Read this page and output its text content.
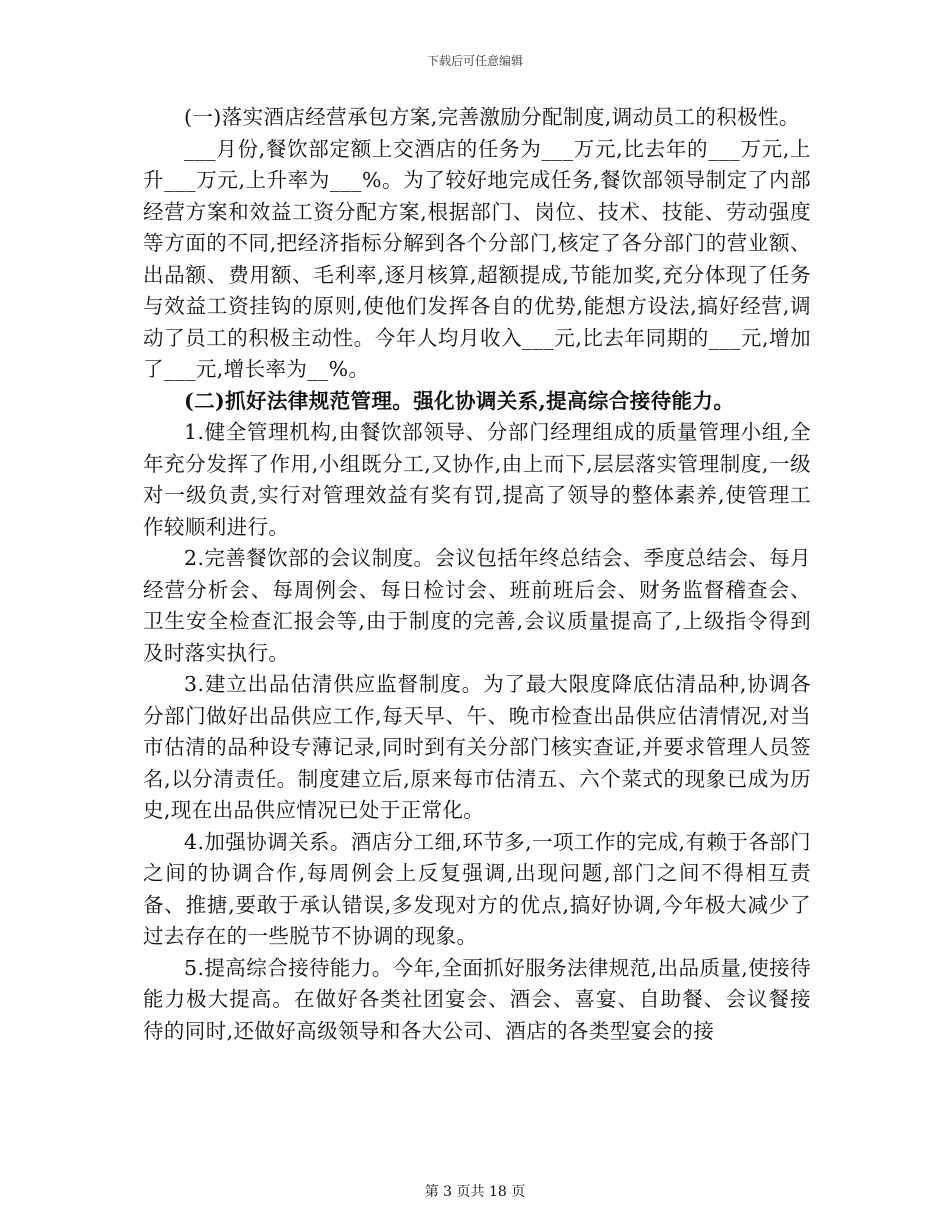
下载后可任意编辑

(一)落实酒店经营承包方案,完善激励分配制度,调动员工的积极性。

___月份,餐饮部定额上交酒店的任务为___万元,比去年的___万元,上升___万元,上升率为___%。为了较好地完成任务,餐饮部领导制定了内部经营方案和效益工资分配方案,根据部门、岗位、技术、技能、劳动强度等方面的不同,把经济指标分解到各个分部门,核定了各分部门的营业额、出品额、费用额、毛利率,逐月核算,超额提成,节能加奖,充分体现了任务与效益工资挂钩的原则,使他们发挥各自的优势,能想方设法,搞好经营,调动了员工的积极主动性。今年人均月收入___元,比去年同期的___元,增加了___元,增长率为__%。

(二)抓好法律规范管理。强化协调关系,提高综合接待能力。

1.健全管理机构,由餐饮部领导、分部门经理组成的质量管理小组,全年充分发挥了作用,小组既分工,又协作,由上而下,层层落实管理制度,一级对一级负责,实行对管理效益有奖有罚,提高了领导的整体素养,使管理工作较顺利进行。

2.完善餐饮部的会议制度。会议包括年终总结会、季度总结会、每月经营分析会、每周例会、每日检讨会、班前班后会、财务监督稽查会、卫生安全检查汇报会等,由于制度的完善,会议质量提高了,上级指令得到及时落实执行。

3.建立出品估清供应监督制度。为了最大限度降底估清品种,协调各分部门做好出品供应工作,每天早、午、晚市检查出品供应估清情况,对当市估清的品种设专薄记录,同时到有关分部门核实查证,并要求管理人员签名,以分清责任。制度建立后,原来每市估清五、六个菜式的现象已成为历史,现在出品供应情况已处于正常化。

4.加强协调关系。酒店分工细,环节多,一项工作的完成,有赖于各部门之间的协调合作,每周例会上反复强调,出现问题,部门之间不得相互责备、推搪,要敢于承认错误,多发现对方的优点,搞好协调,今年极大减少了过去存在的一些脱节不协调的现象。

5.提高综合接待能力。今年,全面抓好服务法律规范,出品质量,使接待能力极大提高。在做好各类社团宴会、酒会、喜宴、自助餐、会议餐接待的同时,还做好高级领导和各大公司、酒店的各类型宴会的接

第 3 页共 18 页
